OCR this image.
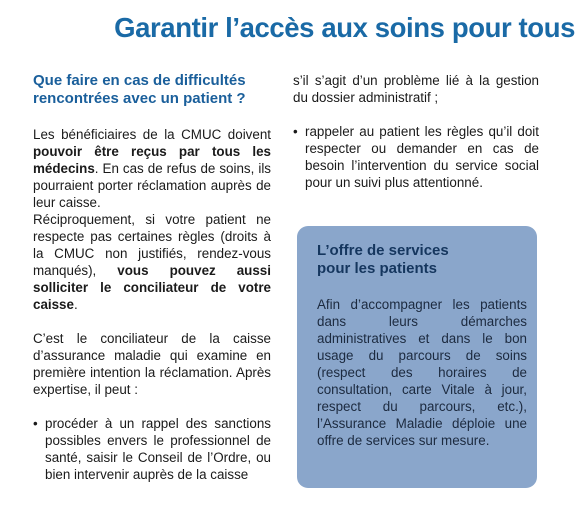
Garantir l’accès aux soins pour tous
Que faire en cas de difficultés
rencontrées avec un patient ?

Les bénéficiaires de la CMUC doivent pouvoir être reçus par tous les médecins. En cas de refus de soins, ils pourraient porter réclamation auprès de leur caisse.

Réciproquement, si votre patient ne respecte pas certaines règles (droits à la CMUC non justifiés, rendez-vous manqués), vous pouvez aussi solliciter le conciliateur de votre caisse.

C’est le conciliateur de la caisse d’assurance maladie qui examine en première intention la réclamation. Après expertise, il peut :

• procéder à un rappel des sanctions possibles envers le professionnel de santé, saisir le Conseil de l’Ordre, ou bien intervenir auprès de la caisse

s’il s’agit d’un problème lié à la gestion du dossier administratif ;

• rappeler au patient les règles qu’il doit respecter ou demander en cas de besoin l’intervention du service social pour un suivi plus attentionné.
L’offre de services
pour les patients
Afin d’accompagner les patients dans leurs démarches administratives et dans le bon usage du parcours de soins (respect des horaires de consultation, carte Vitale à jour, respect du parcours, etc.), l’Assurance Maladie déploie une offre de services sur mesure.
